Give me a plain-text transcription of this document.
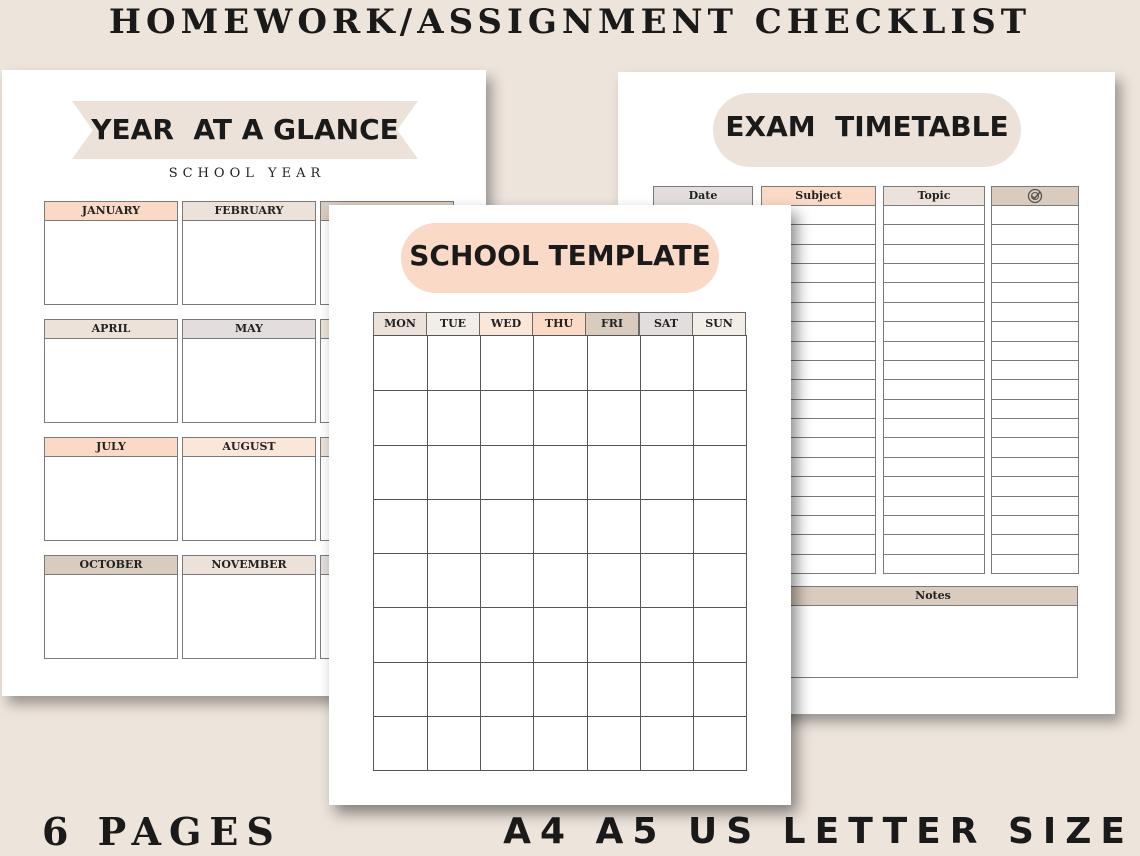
HOMEWORK/ASSIGNMENT CHECKLIST
YEAR  AT A GLANCE
SCHOOL YEAR
JANUARY	FEBRUARY
APRIL	MAY
JULY	AUGUST
OCTOBER	NOVEMBER
EXAM  TIMETABLE
Date	Subject	Topic
Notes
SCHOOL TEMPLATE
MON	TUE	WED	THU	FRI	SAT	SUN
6 PAGES	A4 A5 US LETTER SIZE
